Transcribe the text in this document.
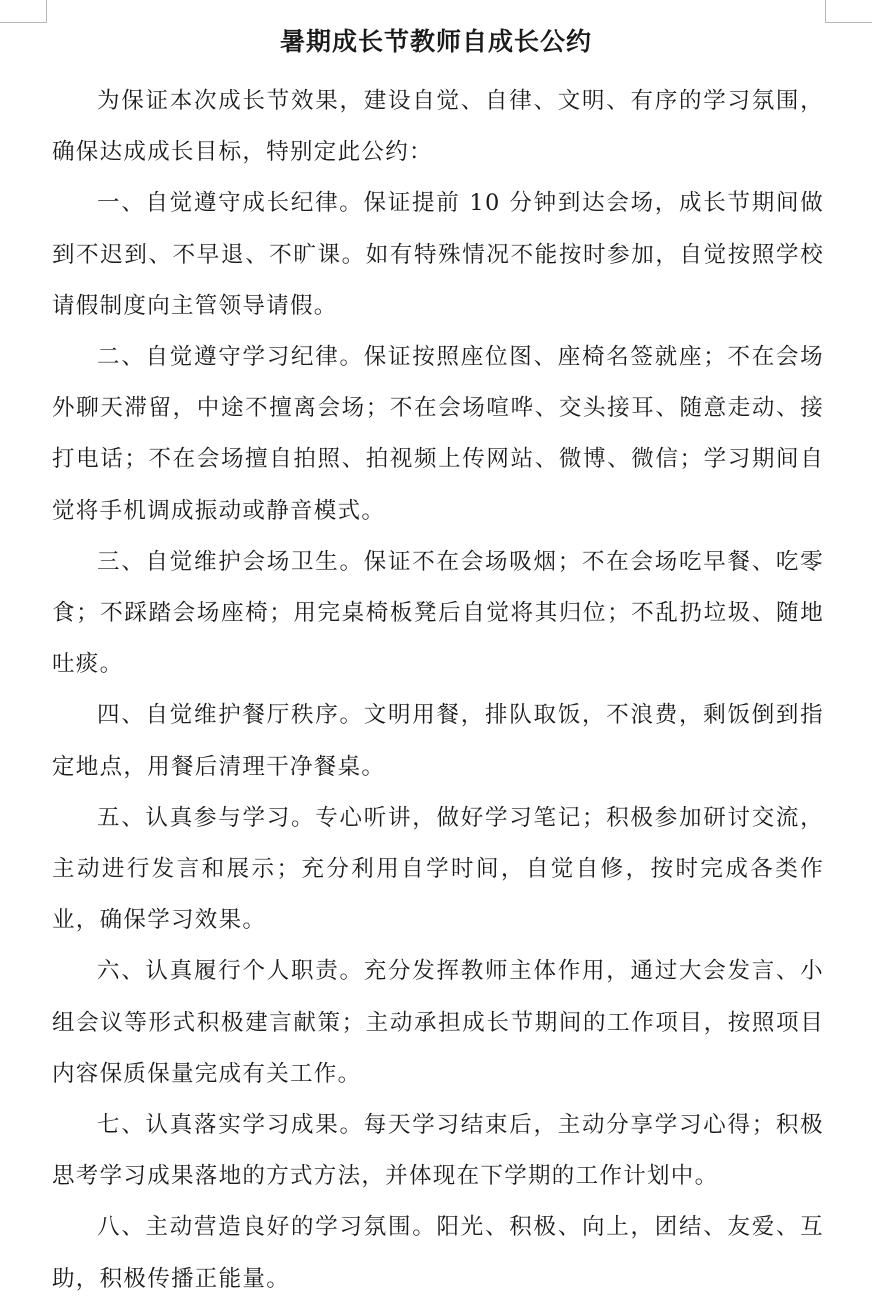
暑期成长节教师自成长公约

为保证本次成长节效果，建设自觉、自律、文明、有序的学习氛围，确保达成成长目标，特别定此公约：

一、自觉遵守成长纪律。保证提前 10 分钟到达会场，成长节期间做到不迟到、不早退、不旷课。如有特殊情况不能按时参加，自觉按照学校请假制度向主管领导请假。

二、自觉遵守学习纪律。保证按照座位图、座椅名签就座；不在会场外聊天滞留，中途不擅离会场；不在会场喧哗、交头接耳、随意走动、接打电话；不在会场擅自拍照、拍视频上传网站、微博、微信；学习期间自觉将手机调成振动或静音模式。

三、自觉维护会场卫生。保证不在会场吸烟；不在会场吃早餐、吃零食；不踩踏会场座椅；用完桌椅板凳后自觉将其归位；不乱扔垃圾、随地吐痰。

四、自觉维护餐厅秩序。文明用餐，排队取饭，不浪费，剩饭倒到指定地点，用餐后清理干净餐桌。

五、认真参与学习。专心听讲，做好学习笔记；积极参加研讨交流，主动进行发言和展示；充分利用自学时间，自觉自修，按时完成各类作业，确保学习效果。

六、认真履行个人职责。充分发挥教师主体作用，通过大会发言、小组会议等形式积极建言献策；主动承担成长节期间的工作项目，按照项目内容保质保量完成有关工作。

七、认真落实学习成果。每天学习结束后，主动分享学习心得；积极思考学习成果落地的方式方法，并体现在下学期的工作计划中。

八、主动营造良好的学习氛围。阳光、积极、向上，团结、友爱、互助，积极传播正能量。
